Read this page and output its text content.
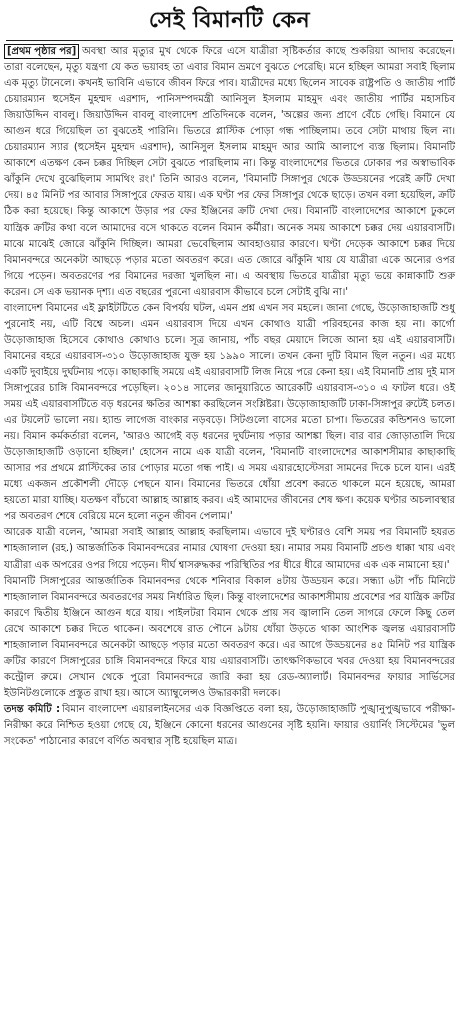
সেই বিমানটি কেন

[প্রথম পৃষ্ঠার পর] অবস্থা আর মৃত্যুর মুখ থেকে ফিরে এসে যাত্রীরা সৃষ্টিকর্তার কাছে শুকরিয়া আদায় করেছেন। তারা বলেছেন, মৃত্যু যন্ত্রণা যে কত ভয়াবহ তা এবার বিমান ভ্রমণে বুঝতে পেরেছি। মনে হচ্ছিল আমরা সবাই ছিলাম এক মৃত্যু টানেলে। কখনই ভাবিনি এভাবে জীবন ফিরে পাব। যাত্রীদের মধ্যে ছিলেন সাবেক রাষ্ট্রপতি ও জাতীয় পার্টি চেয়ারম্যান হুসেইন মুহম্মদ এরশাদ, পানিসম্পদমন্ত্রী আনিসুল ইসলাম মাহমুদ এবং জাতীয় পার্টির মহাসচিব জিয়াউদ্দিন বাবলু। জিয়াউদ্দিন বাবলু বাংলাদেশ প্রতিদিনকে বলেন, 'অল্পের জন্য প্রাণে বেঁচে গেছি। বিমানে যে আগুন ধরে গিয়েছিল তা বুঝতেই পারিনি। ভিতরে প্লাস্টিক পোড়া গন্ধ পাচ্ছিলাম। তবে সেটা মাথায় ছিল না। চেয়ারম্যান স্যার (হুসেইন মুহম্মদ এরশাদ), আনিসুল ইসলাম মাহমুদ আর আমি আলাপে ব্যস্ত ছিলাম। বিমানটি আকাশে এতক্ষণ কেন চক্কর দিচ্ছিল সেটা বুঝতে পারছিলাম না। কিন্তু বাংলাদেশের ভিতরে ঢোকার পর অস্বাভাবিক ঝাঁকুনি দেখে বুঝেছিলাম সামথিং রং।' তিনি আরও বলেন, 'বিমানটি সিঙ্গাপুর থেকে উড্ডয়নের পরেই ক্রটি দেখা দেয়। ৪৫ মিনিট পর আবার সিঙ্গাপুরে ফেরত যায়। এক ঘণ্টা পর ফের সিঙ্গাপুর থেকে ছাড়ে। তখন বলা হয়েছিল, ক্রটি ঠিক করা হয়েছে। কিন্তু আকাশে উড়ার পর ফের ইঞ্জিনের ক্রটি দেখা দেয়। বিমানটি বাংলাদেশের আকাশে ঢুকলে যান্ত্রিক ক্রটির কথা বলে আমাদের বসে থাকতে বলেন বিমান কর্মীরা। অনেক সময় আকাশে চক্কর দেয় এয়ারবাসটি। মাঝে মাঝেই জোরে ঝাঁকুনি দিচ্ছিল। আমরা ভেবেছিলাম আবহাওয়ার কারণে। ঘণ্টা দেড়েক আকাশে চক্কর দিয়ে বিমানবন্দরে অনেকটা আছড়ে পড়ার মতো অবতরণ করে। এত জোরে ঝাঁকুনি খায় যে যাত্রীরা একে অন্যের ওপর গিয়ে পড়েন। অবতরণের পর বিমানের দরজা খুলছিল না। এ অবস্থায় ভিতরে যাত্রীরা মৃত্যু ভয়ে কান্নাকাটি শুরু করেন। সে এক ভয়ানক দৃশ্য। এত বছরের পুরনো এয়ারবাস কীভাবে চলে সেটাই বুঝি না।'

বাংলাদেশ বিমানের এই ফ্লাইটটিতে কেন বিপর্যয় ঘটল, এমন প্রশ্ন এখন সব মহলে। জানা গেছে, উড়োজাহাজটি শুধু পুরনোই নয়, এটি বিশ্বে অচল। এমন এয়ারবাস দিয়ে এখন কোথাও যাত্রী পরিবহনের কাজ হয় না। কার্গো উড়োজাহাজ হিসেবে কোথাও কোথাও চলে। সূত্র জানায়, পাঁচ বছর মেয়াদে লিজে আনা হয় এই এয়ারবাসটি। বিমানের বহরে এয়ারবাস-৩১০ উড়োজাহাজ যুক্ত হয় ১৯৯০ সালে। তখন কেনা দুটি বিমান ছিল নতুন। এর মধ্যে একটি দুবাইয়ে দুর্ঘটনায় পড়ে। কাছাকাছি সময়ে এই এয়ারবাসটি লিজ নিয়ে পরে কেনা হয়। এই বিমানটি প্রায় দুই মাস সিঙ্গাপুরের চাঙ্গি বিমানবন্দরে পড়েছিল। ২০১৪ সালের জানুয়ারিতে আরেকটি এয়ারবাস-৩১০ এ ফাটল ধরে। ওই সময় এই এয়ারবাসটিতে বড় ধরনের ক্ষতির আশঙ্কা করছিলেন সংশ্লিষ্টরা। উড়োজাহাজটি ঢাকা-সিঙ্গাপুর রুটেই চলত। এর টয়লেট ভালো নয়। হ্যান্ড লাগেজ বাংকার নড়বড়ে। সিটগুলো বাসের মতো চাপা। ভিতরের কন্ডিশনও ভালো নয়। বিমান কর্মকর্তারা বলেন, 'আরও আগেই বড় ধরনের দুর্ঘটনায় পড়ার আশঙ্কা ছিল। বার বার জোড়াতালি দিয়ে উড়োজাহাজটি ওড়ানো হচ্ছিল।' হোসেন নামে এক যাত্রী বলেন, 'বিমানটি বাংলাদেশের আকাশসীমার কাছাকাছি আসার পর প্রথমে প্লাস্টিকের তার পোড়ার মতো গন্ধ পাই। এ সময় এয়ারহোস্টেসরা সামনের দিকে চলে যান। এরই মধ্যে একজন প্রকৌশলী দৌড়ে পেছনে যান। বিমানের ভিতরে ধোঁয়া প্রবেশ করতে থাকলে মনে হয়েছে, আমরা হয়তো মারা যাচ্ছি। যতক্ষণ বাঁচবো আল্লাহ আল্লাহ করব। এই আমাদের জীবনের শেষ ক্ষণ। কয়েক ঘণ্টার অচলাবস্থার পর অবতরণ শেষে বেরিয়ে মনে হলো নতুন জীবন পেলাম।'

আরেক যাত্রী বলেন, 'আমরা সবাই আল্লাহ আল্লাহ করছিলাম। এভাবে দুই ঘণ্টারও বেশি সময় পর বিমানটি হযরত শাহজালাল (রহ.) আন্তর্জাতিক বিমানবন্দরের নামার ঘোষণা দেওয়া হয়। নামার সময় বিমানটি প্রচণ্ড ধাক্কা খায় এবং যাত্রীরা এক অপরের ওপর গিয়ে পড়েন। দীর্ঘ শ্বাসরুদ্ধকর পরিস্থিতির পর ধীরে ধীরে আমাদের এক এক নামানো হয়।'

বিমানটি সিঙ্গাপুরের আন্তর্জাতিক বিমানবন্দর থেকে শনিবার বিকাল ৪টায় উড্ডয়ন করে। সন্ধ্যা ৬টা পাঁচ মিনিটে শাহজালাল বিমানবন্দরে অবতরণের সময় নির্ধারিত ছিল। কিন্তু বাংলাদেশের আকাশসীমায় প্রবেশের পর যান্ত্রিক ক্রটির কারণে দ্বিতীয় ইঞ্জিনে আগুন ধরে যায়। পাইলটরা বিমান থেকে প্রায় সব জ্বালানি তেল সাগরে ফেলে কিছু তেল রেখে আকাশে চক্কর দিতে থাকেন। অবশেষে রাত পৌনে ৯টায় ধোঁয়া উড়তে থাকা আংশিক জ্বলন্ত এয়ারবাসটি শাহজালাল বিমানবন্দরে অনেকটা আছড়ে পড়ার মতো অবতরণ করে। এর আগে উড্ডয়নের ৪৫ মিনিট পর যান্ত্রিক ক্রটির কারণে সিঙ্গাপুরের চাঙ্গি বিমানবন্দরে ফিরে যায় এয়ারবাসটি। তাৎক্ষণিকভাবে খবর দেওয়া হয় বিমানবন্দরের কন্ট্রোল রুমে। সেখান থেকে পুরো বিমানবন্দরে জারি করা হয় রেড-অ্যালার্ট। বিমানবন্দর ফায়ার সার্ভিসের ইউনিটগুলোকে প্রস্তুত রাখা হয়। আসে অ্যাম্বুলেন্সও উদ্ধারকারী দলকে।

তদন্ত কমিটি : বিমান বাংলাদেশ এয়ারলাইনসের এক বিজ্ঞপ্তিতে বলা হয়, উড়োজাহাজটি পুঙ্খানুপুঙ্খভাবে পরীক্ষা-নিরীক্ষা করে নিশ্চিত হওয়া গেছে যে, ইঞ্জিনে কোনো ধরনের আগুনের সৃষ্টি হয়নি। ফায়ার ওয়ার্নিং সিস্টেমের 'ভুল সংকেত' পাঠানোর কারণে বর্ণিত অবস্থার সৃষ্টি হয়েছিল মাত্র।
